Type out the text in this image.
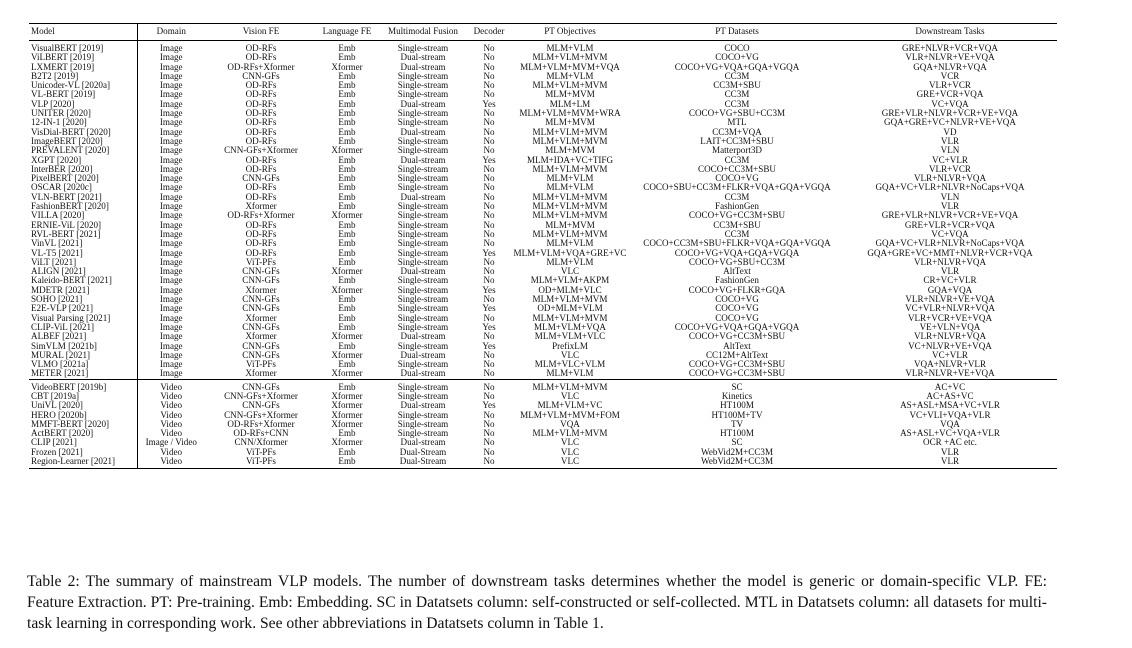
Model	Domain	Vision FE	Language FE	Multimodal Fusion	Decoder	PT Objectives	PT Datasets	Downstream Tasks
VisualBERT [2019]	Image	OD-RFs	Emb	Single-stream	No	MLM+VLM	COCO	GRE+NLVR+VCR+VQA
ViLBERT [2019]	Image	OD-RFs	Emb	Dual-stream	No	MLM+VLM+MVM	COCO+VG	VLR+NLVR+VE+VQA
LXMERT [2019]	Image	OD-RFs+Xformer	Xformer	Dual-stream	No	MLM+VLM+MVM+VQA	COCO+VG+VQA+GQA+VGQA	GQA+NLVR+VQA
B2T2 [2019]	Image	CNN-GFs	Emb	Single-stream	No	MLM+VLM	CC3M	VCR
Unicoder-VL [2020a]	Image	OD-RFs	Emb	Single-stream	No	MLM+VLM+MVM	CC3M+SBU	VLR+VCR
VL-BERT [2019]	Image	OD-RFs	Emb	Single-stream	No	MLM+MVM	CC3M	GRE+VCR+VQA
VLP [2020]	Image	OD-RFs	Emb	Dual-stream	Yes	MLM+LM	CC3M	VC+VQA
UNITER [2020]	Image	OD-RFs	Emb	Single-stream	No	MLM+VLM+MVM+WRA	COCO+VG+SBU+CC3M	GRE+VLR+NLVR+VCR+VE+VQA
12-IN-1 [2020]	Image	OD-RFs	Emb	Single-stream	No	MLM+MVM	MTL	GQA+GRE+VC+NLVR+VE+VQA
VisDial-BERT [2020]	Image	OD-RFs	Emb	Dual-stream	No	MLM+VLM+MVM	CC3M+VQA	VD
ImageBERT [2020]	Image	OD-RFs	Emb	Single-stream	No	MLM+VLM+MVM	LAIT+CC3M+SBU	VLR
PREVALENT [2020]	Image	CNN-GFs+Xformer	Xformer	Single-stream	No	MLM+MVM	Matterport3D	VLN
XGPT [2020]	Image	OD-RFs	Emb	Dual-stream	Yes	MLM+IDA+VC+TIFG	CC3M	VC+VLR
InterBER [2020]	Image	OD-RFs	Emb	Single-stream	No	MLM+VLM+MVM	COCO+CC3M+SBU	VLR+VCR
PixelBERT [2020]	Image	CNN-GFs	Emb	Single-stream	No	MLM+VLM	COCO+VG	VLR+NLVR+VQA
OSCAR [2020c]	Image	OD-RFs	Emb	Single-stream	No	MLM+VLM	COCO+SBU+CC3M+FLKR+VQA+GQA+VGQA	GQA+VC+VLR+NLVR+NoCaps+VQA
VLN-BERT [2021]	Image	OD-RFs	Emb	Dual-stream	No	MLM+VLM+MVM	CC3M	VLN
FashionBERT [2020]	Image	Xformer	Emb	Single-stream	No	MLM+VLM+MVM	FashionGen	VLR
VILLA [2020]	Image	OD-RFs+Xformer	Xformer	Single-stream	No	MLM+VLM+MVM	COCO+VG+CC3M+SBU	GRE+VLR+NLVR+VCR+VE+VQA
ERNIE-ViL [2020]	Image	OD-RFs	Emb	Single-stream	No	MLM+MVM	CC3M+SBU	GRE+VLR+VCR+VQA
RVL-BERT [2021]	Image	OD-RFs	Emb	Single-stream	No	MLM+VLM+MVM	CC3M	VC+VQA
VinVL [2021]	Image	OD-RFs	Emb	Single-stream	No	MLM+VLM	COCO+CC3M+SBU+FLKR+VQA+GQA+VGQA	GQA+VC+VLR+NLVR+NoCaps+VQA
VL-T5 [2021]	Image	OD-RFs	Emb	Single-stream	Yes	MLM+VLM+VQA+GRE+VC	COCO+VG+VQA+GQA+VGQA	GQA+GRE+VC+MMT+NLVR+VCR+VQA
ViLT [2021]	Image	ViT-PFs	Emb	Single-stream	No	MLM+VLM	COCO+VG+SBU+CC3M	VLR+NLVR+VQA
ALIGN [2021]	Image	CNN-GFs	Xformer	Dual-stream	No	VLC	AltText	VLR
Kaleido-BERT [2021]	Image	CNN-GFs	Emb	Single-stream	No	MLM+VLM+AKPM	FashionGen	CR+VC+VLR
MDETR [2021]	Image	Xformer	Xformer	Single-stream	Yes	OD+MLM+VLC	COCO+VG+FLKR+GQA	GQA+VQA
SOHO [2021]	Image	CNN-GFs	Emb	Single-stream	No	MLM+VLM+MVM	COCO+VG	VLR+NLVR+VE+VQA
E2E-VLP [2021]	Image	CNN-GFs	Emb	Single-stream	Yes	OD+MLM+VLM	COCO+VG	VC+VLR+NLVR+VQA
Visual Parsing [2021]	Image	Xformer	Emb	Single-stream	No	MLM+VLM+MVM	COCO+VG	VLR+VCR+VE+VQA
CLIP-ViL [2021]	Image	CNN-GFs	Emb	Single-stream	Yes	MLM+VLM+VQA	COCO+VG+VQA+GQA+VGQA	VE+VLN+VQA
ALBEF [2021]	Image	Xformer	Xformer	Dual-stream	No	MLM+VLM+VLC	COCO+VG+CC3M+SBU	VLR+NLVR+VQA
SimVLM [2021b]	Image	CNN-GFs	Emb	Single-stream	Yes	PrefixLM	AltText	VC+NLVR+VE+VQA
MURAL [2021]	Image	CNN-GFs	Xformer	Dual-stream	No	VLC	CC12M+AltText	VC+VLR
VLMO [2021a]	Image	ViT-PFs	Emb	Single-stream	No	MLM+VLC+VLM	COCO+VG+CC3M+SBU	VQA+NLVR+VLR
METER [2021]	Image	Xformer	Xformer	Dual-stream	No	MLM+VLM	COCO+VG+CC3M+SBU	VLR+NLVR+VE+VQA
VideoBERT [2019b]	Video	CNN-GFs	Emb	Single-stream	No	MLM+VLM+MVM	SC	AC+VC
CBT [2019a]	Video	CNN-GFs+Xformer	Xformer	Single-stream	No	VLC	Kinetics	AC+AS+VC
UniVL [2020]	Video	CNN-GFs	Xformer	Dual-stream	Yes	MLM+VLM+VC	HT100M	AS+ASL+MSA+VC+VLR
HERO [2020b]	Video	CNN-GFs+Xformer	Xformer	Single-stream	No	MLM+VLM+MVM+FOM	HT100M+TV	VC+VLI+VQA+VLR
MMFT-BERT [2020]	Video	OD-RFs+Xformer	Xformer	Single-stream	No	VQA	TV	VQA
ActBERT [2020]	Video	OD-RFs+CNN	Emb	Single-stream	No	MLM+VLM+MVM	HT100M	AS+ASL+VC+VQA+VLR
CLIP [2021]	Image / Video	CNN/Xformer	Xformer	Dual-stream	No	VLC	SC	OCR +AC etc.
Frozen [2021]	Video	ViT-PFs	Emb	Dual-Stream	No	VLC	WebVid2M+CC3M	VLR
Region-Learner [2021]	Video	ViT-PFs	Emb	Dual-Stream	No	VLC	WebVid2M+CC3M	VLR

Table 2: The summary of mainstream VLP models. The number of downstream tasks determines whether the model is generic or domain-specific VLP. FE: Feature Extraction. PT: Pre-training. Emb: Embedding. SC in Datatsets column: self-constructed or self-collected. MTL in Datatsets column: all datasets for multi-task learning in corresponding work. See other abbreviations in Datatsets column in Table 1.
